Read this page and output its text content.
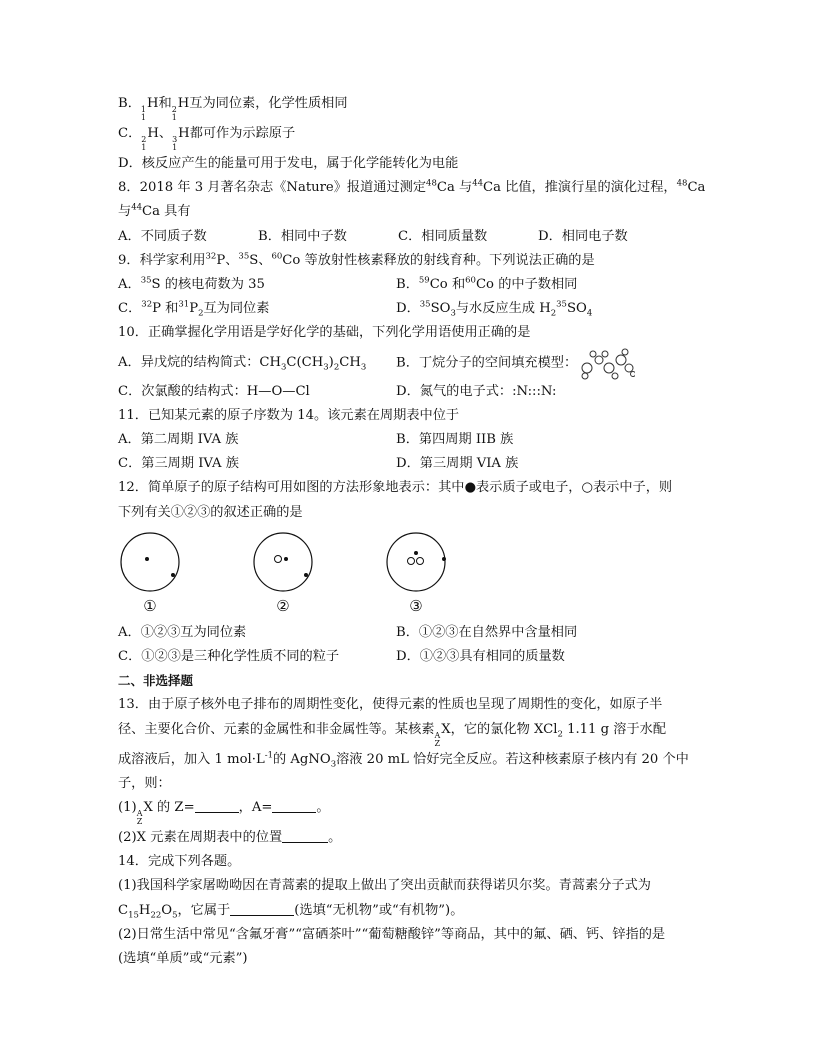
B． 1
1
H和 2
1
H互为同位素，化学性质相同
C． 2
1
H、 3
1
H都可作为示踪原子
D．核反应产生的能量可用于发电，属于化学能转化为电能
8．2018 年 3 月著名杂志《Nature》报道通过测定$^{48}$Ca 与$^{44}$Ca 比值，推演行星的演化过程，$^{48}$Ca
与$^{44}$Ca 具有
A．不同质子数	B．相同中子数	C．相同质量数	D．相同电子数
9．科学家利用$^{32}$P、$^{35}$S、$^{60}$Co 等放射性核素释放的射线育种。下列说法正确的是
A．$^{35}$S 的核电荷数为 35	B．$^{59}$Co 和$^{60}$Co 的中子数相同
C．$^{32}$P 和$^{31}P_2$互为同位素	D．$^{35}SO_3$与水反应生成 $H_2^{35}SO_4$
10．正确掌握化学用语是学好化学的基础，下列化学用语使用正确的是
A．异戊烷的结构简式：$CH_3C(CH_3)_2CH_3$	B．丁烷分子的空间填充模型：
C．次氯酸的结构式：H—O—Cl	D．氮气的电子式：:N:::N:
11．已知某元素的原子序数为 14。该元素在周期表中位于
A．第二周期 IVA 族	B．第四周期 IIB 族
C．第三周期 IVA 族	D．第三周期 VIA 族
12．简单原子的原子结构可用如图的方法形象地表示：其中●表示质子或电子，○表示中子，则
下列有关①②③的叙述正确的是
①	②	③
A．①②③互为同位素	B．①②③在自然界中含量相同
C．①②③是三种化学性质不同的粒子	D．①②③具有相同的质量数
二、非选择题
13．由于原子核外电子排布的周期性变化，使得元素的性质也呈现了周期性的变化，如原子半
径、主要化合价、元素的金属性和非金属性等。某核素 A
Z
X，它的氯化物 XCl$_2$ 1.11 g 溶于水配
成溶液后，加入 1 $mol\cdot L^{-1}$的 AgNO$_3$溶液 20 mL 恰好完全反应。若这种核素原子核内有 20 个中
子，则：
(1) A
Z
X 的 Z=	，A=	。
(2)X 元素在周期表中的位置	。
14．完成下列各题。
(1)我国科学家屠呦呦因在青蒿素的提取上做出了突出贡献而获得诺贝尔奖。青蒿素分子式为
$C_{15}H_{22}O_5$，它属于	(选填“无机物”或“有机物”)。
(2)日常生活中常见“含氟牙膏”“富硒茶叶”“葡萄糖酸锌”等商品，其中的氟、硒、钙、锌指的是
(选填“单质”或“元素”)
